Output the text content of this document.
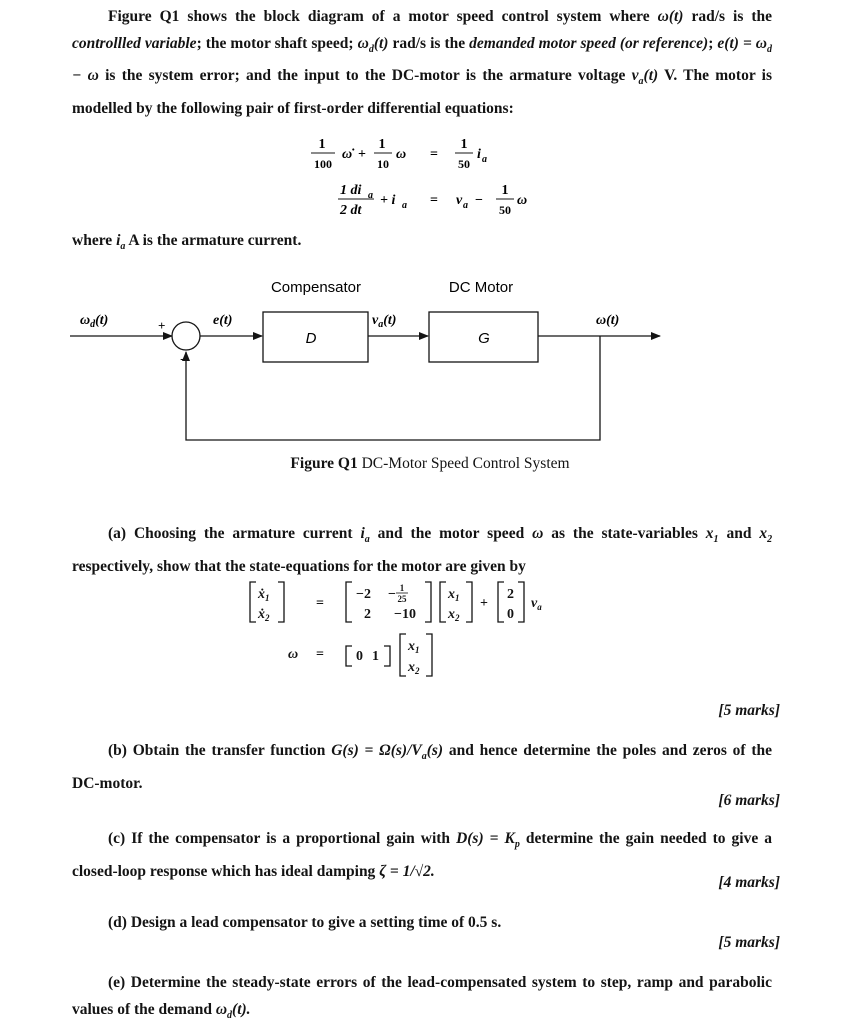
Figure Q1 shows the block diagram of a motor speed control system where ω(t) rad/s is the controllled variable; the motor shaft speed; $\omega_d(t)$ rad/s is the demanded motor speed (or reference); $e(t) = \omega_d - \omega$ is the system error; and the input to the DC-motor is the armature voltage $v_a(t)$ V. The motor is modelled by the following pair of first-order differential equations:
1
100
ω̇ +
1
10
ω =
1
50
i a
1 di a
2 dt
+ i a = v a −
1
50
ω
where $i_a$ A is the armature current.
Compensator	DC Motor
$\omega_d(t)$	e(t)
+
−
$v_a(t)$	ω(t)
D	G
Figure Q1 DC-Motor Speed Control System
(a) Choosing the armature current $i_a$ and the motor speed ω as the state-variables $x_1$ and $x_2$ respectively, show that the state-equations for the motor are given by
ẋ$_1$
ẋ$_2$
=
−2 − 1
25
2 −10
$x_1$
$x_2$
+
2
0
$v_a$
ω = 0 1
$x_1$
$x_2$
[5 marks]
(b) Obtain the transfer function $G(s) = \Omega(s)/V_a(s)$ and hence determine the poles and zeros of the DC-motor.
[6 marks]
(c) If the compensator is a proportional gain with $D(s) = K_p$ determine the gain needed to give a closed-loop response which has ideal damping ζ = 1/√2.
[4 marks]
(d) Design a lead compensator to give a setting time of 0.5 s.
[5 marks]
(e) Determine the steady-state errors of the lead-compensated system to step, ramp and parabolic values of the demand $\omega_d(t)$.
